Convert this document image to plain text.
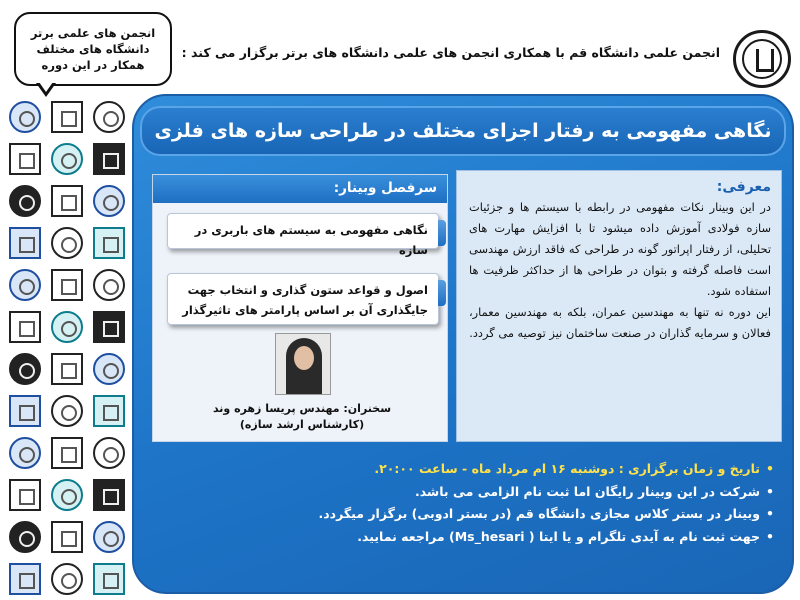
انجمن علمی دانشگاه قم با همکاری انجمن های علمی دانشگاه های برتر برگزار می کند :
انجمن های علمی برتر
دانشگاه های مختلف
همکار در این دوره
نگاهی مفهومی به رفتار اجزای مختلف در طراحی سازه های فلزی
معرفی:

در این وبینار نکات مفهومی در رابطه با سیستم ها و جزئیات سازه فولادی آموزش داده میشود تا با افزایش مهارت های تحلیلی، از رفتار اپراتور گونه در طراحی که فاقد ارزش مهندسی است فاصله گرفته و بتوان در طراحی ها از حداکثر ظرفیت ها استفاده شود.

این دوره نه تنها به مهندسین عمران، بلکه به مهندسین معمار، فعالان و سرمایه گذاران در صنعت ساختمان نیز توصیه می گردد.

سرفصل وبینار:
نگاهی مفهومی به سیستم های باربری در سازه
اصول و قواعد ستون گذاری و انتخاب جهت جایگذاری آن بر اساس پارامتر های تاثیرگذار
سخنران: مهندس پریسا زهره وند
(کارشناس ارشد سازه)
• تاریخ و زمان برگزاری : دوشنبه ۱۶ ام مرداد ماه - ساعت ۲۰:۰۰.
• شرکت در این وبینار رایگان اما ثبت نام الزامی می باشد.
• وبینار در بستر کلاس مجازی دانشگاه قم (در بستر ادوبی) برگزار میگردد.
• جهت ثبت نام به آیدی تلگرام و یا ایتا ( Ms_hesari) مراجعه نمایید.
